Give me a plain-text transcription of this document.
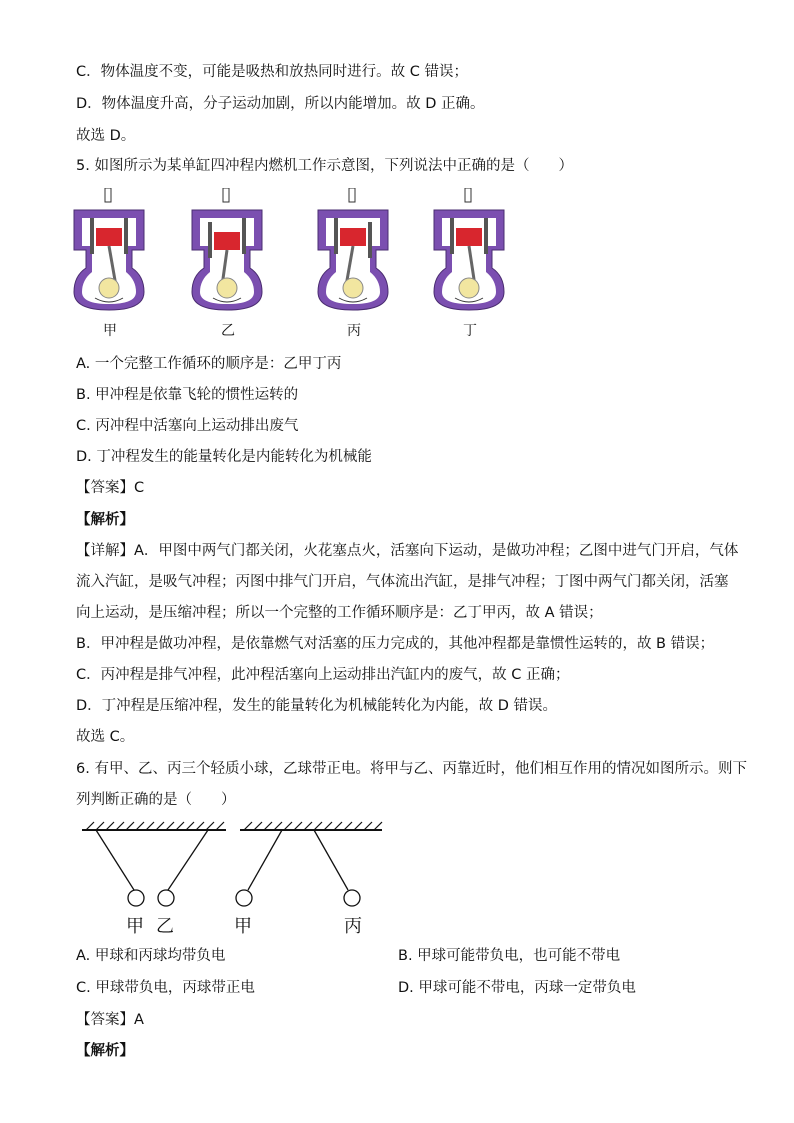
C．物体温度不变，可能是吸热和放热同时进行。故 C 错误；
D．物体温度升高，分子运动加剧，所以内能增加。故 D 正确。
故选 D。
5. 如图所示为某单缸四冲程内燃机工作示意图，下列说法中正确的是（　　）
甲	乙	丙	丁
A. 一个完整工作循环的顺序是：乙甲丁丙
B. 甲冲程是依靠飞轮的惯性运转的
C. 丙冲程中活塞向上运动排出废气
D. 丁冲程发生的能量转化是内能转化为机械能
【答案】C
【解析】
【详解】A．甲图中两气门都关闭，火花塞点火，活塞向下运动，是做功冲程；乙图中进气门开启，气体
流入汽缸，是吸气冲程；丙图中排气门开启，气体流出汽缸，是排气冲程；丁图中两气门都关闭，活塞
向上运动，是压缩冲程；所以一个完整的工作循环顺序是：乙丁甲丙，故 A 错误；
B．甲冲程是做功冲程，是依靠燃气对活塞的压力完成的，其他冲程都是靠惯性运转的，故 B 错误；
C．丙冲程是排气冲程，此冲程活塞向上运动排出汽缸内的废气，故 C 正确；
D．丁冲程是压缩冲程，发生的能量转化为机械能转化为内能，故 D 错误。
故选 C。
6. 有甲、乙、丙三个轻质小球，乙球带正电。将甲与乙、丙靠近时，他们相互作用的情况如图所示。则下
列判断正确的是（　　）
甲 乙	甲	丙
A. 甲球和丙球均带负电	B. 甲球可能带负电，也可能不带电
C. 甲球带负电，丙球带正电	D. 甲球可能不带电，丙球一定带负电
【答案】A
【解析】
